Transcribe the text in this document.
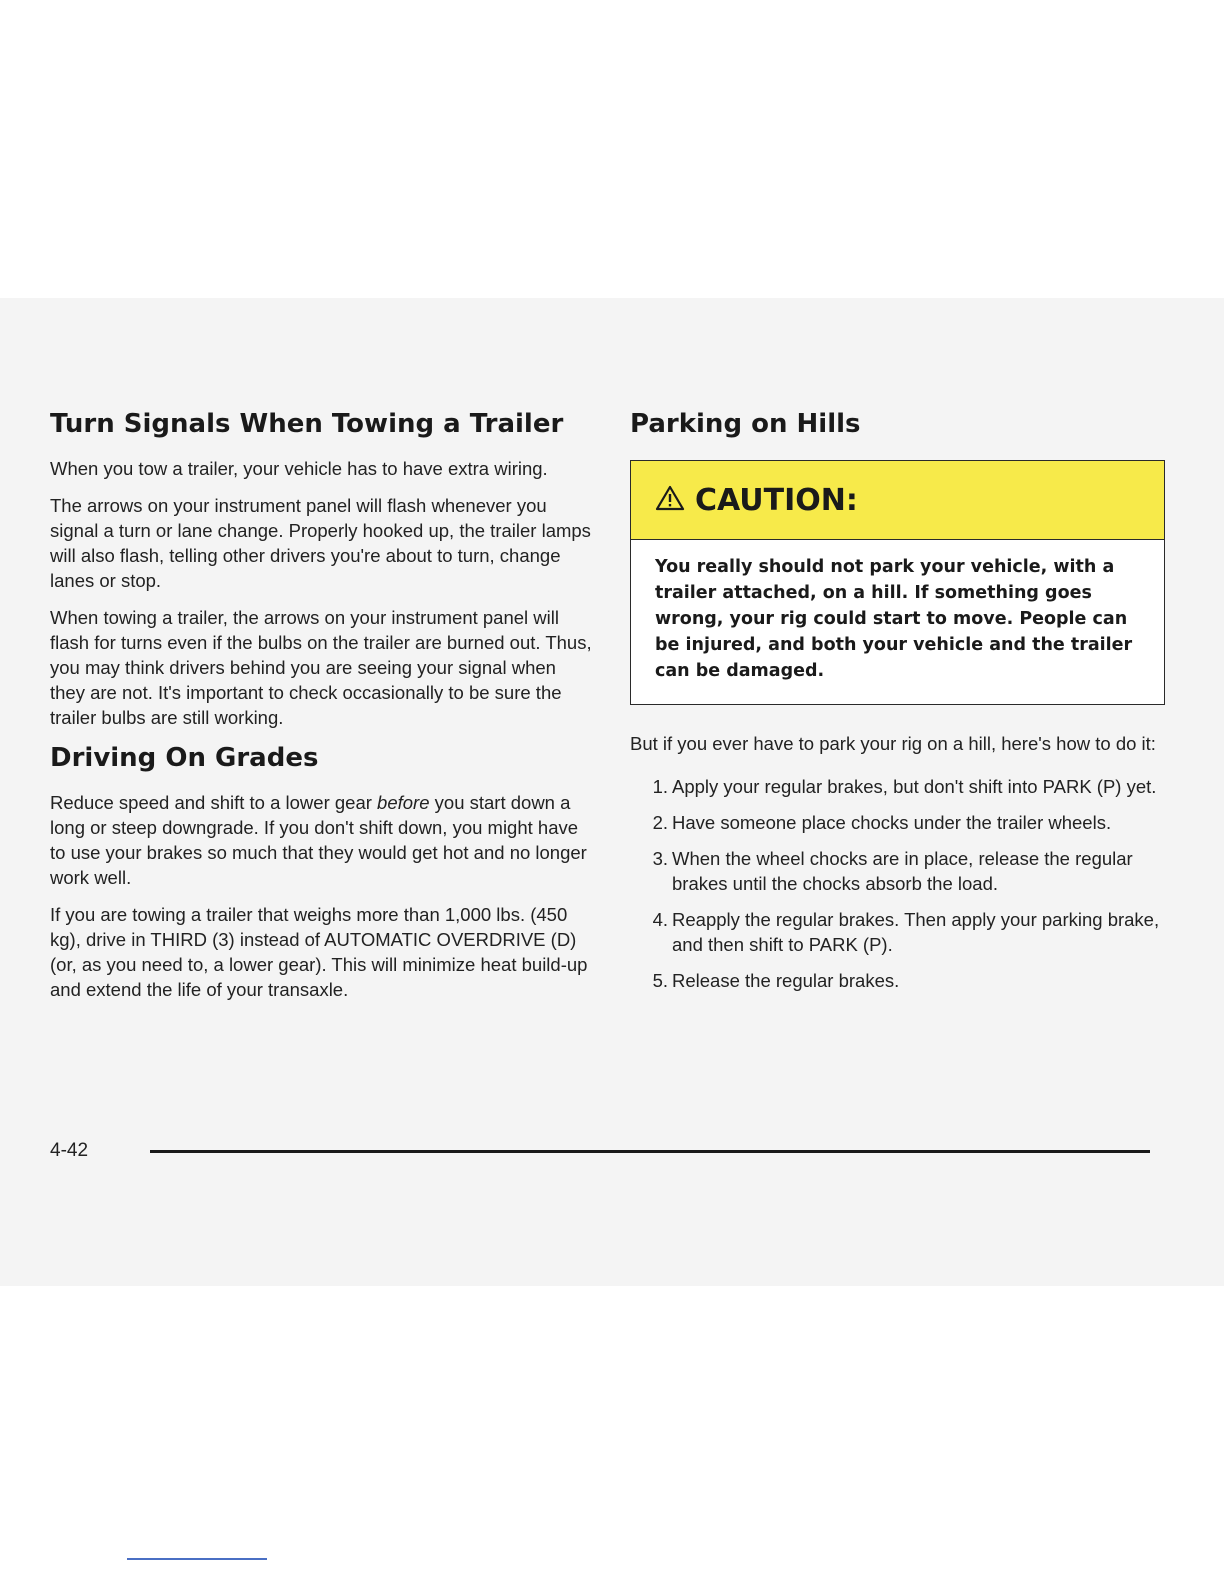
Turn Signals When Towing a Trailer

When you tow a trailer, your vehicle has to have extra wiring.

The arrows on your instrument panel will flash whenever you signal a turn or lane change. Properly hooked up, the trailer lamps will also flash, telling other drivers you're about to turn, change lanes or stop.

When towing a trailer, the arrows on your instrument panel will flash for turns even if the bulbs on the trailer are burned out. Thus, you may think drivers behind you are seeing your signal when they are not. It's important to check occasionally to be sure the trailer bulbs are still working.

Driving On Grades

Reduce speed and shift to a lower gear before you start down a long or steep downgrade. If you don't shift down, you might have to use your brakes so much that they would get hot and no longer work well.

If you are towing a trailer that weighs more than 1,000 lbs. (450 kg), drive in THIRD (3) instead of AUTOMATIC OVERDRIVE (D) (or, as you need to, a lower gear). This will minimize heat build-up and extend the life of your transaxle.

Parking on Hills
CAUTION:
You really should not park your vehicle, with a trailer attached, on a hill. If something goes wrong, your rig could start to move. People can be injured, and both your vehicle and the trailer can be damaged.

But if you ever have to park your rig on a hill, here's how to do it:

1. Apply your regular brakes, but don't shift into PARK (P) yet.
2. Have someone place chocks under the trailer wheels.
3. When the wheel chocks are in place, release the regular brakes until the chocks absorb the load.
4. Reapply the regular brakes. Then apply your parking brake, and then shift to PARK (P).
5. Release the regular brakes.
4-42
